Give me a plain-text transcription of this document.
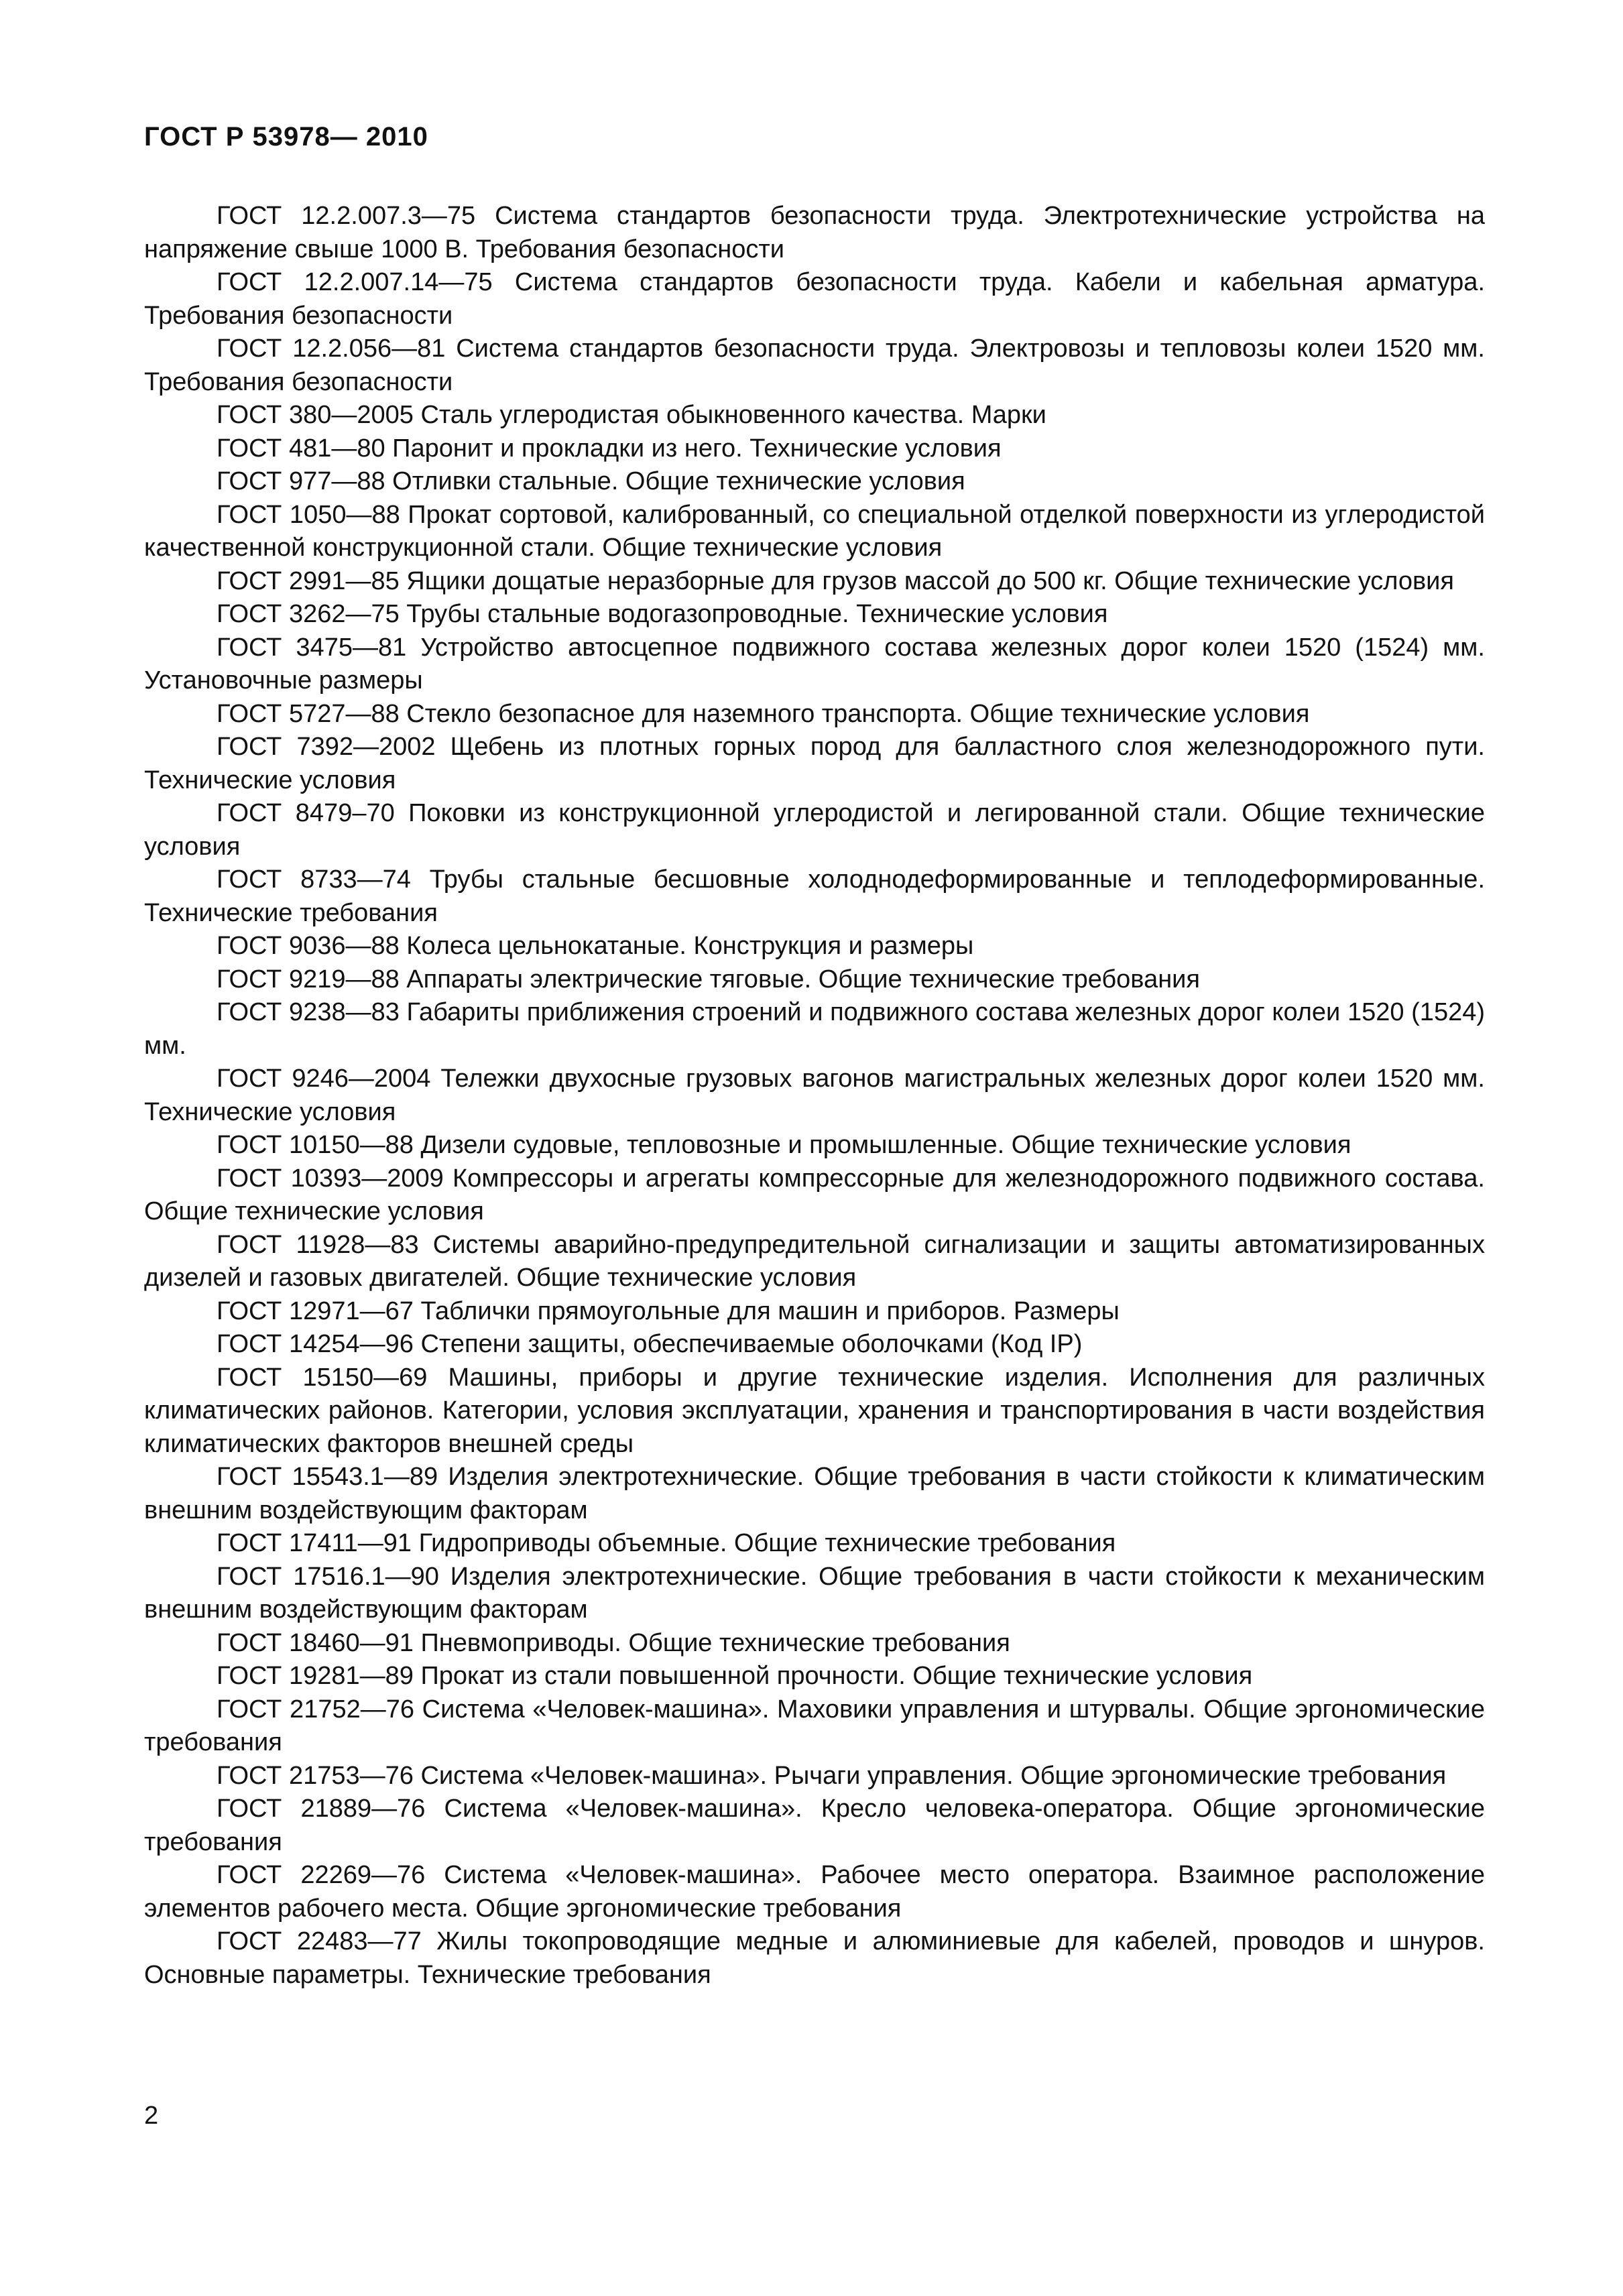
ГОСТ Р 53978— 2010

ГОСТ 12.2.007.3—75 Система стандартов безопасности труда. Электротехнические устройства на напряжение свыше 1000 В. Требования безопасности

ГОСТ 12.2.007.14—75 Система стандартов безопасности труда. Кабели и кабельная арматура. Требования безопасности

ГОСТ 12.2.056—81 Система стандартов безопасности труда. Электровозы и тепловозы колеи 1520 мм. Требования безопасности

ГОСТ 380—2005 Сталь углеродистая обыкновенного качества. Марки

ГОСТ 481—80 Паронит и прокладки из него. Технические условия

ГОСТ 977—88 Отливки стальные. Общие технические условия

ГОСТ 1050—88 Прокат сортовой, калиброванный, со специальной отделкой поверхности из углеродистой качественной конструкционной стали. Общие технические условия

ГОСТ 2991—85 Ящики дощатые неразборные для грузов массой до 500 кг. Общие технические условия

ГОСТ 3262—75 Трубы стальные водогазопроводные. Технические условия

ГОСТ 3475—81 Устройство автосцепное подвижного состава железных дорог колеи 1520 (1524) мм. Установочные размеры

ГОСТ 5727—88 Стекло безопасное для наземного транспорта. Общие технические условия

ГОСТ 7392—2002 Щебень из плотных горных пород для балластного слоя железнодорожного пути. Технические условия

ГОСТ 8479–70 Поковки из конструкционной углеродистой и легированной стали. Общие технические условия

ГОСТ 8733—74 Трубы стальные бесшовные холоднодеформированные и теплодеформированные. Технические требования

ГОСТ 9036—88 Колеса цельнокатаные. Конструкция и размеры

ГОСТ 9219—88 Аппараты электрические тяговые. Общие технические требования

ГОСТ 9238—83 Габариты приближения строений и подвижного состава железных дорог колеи 1520 (1524) мм.

ГОСТ 9246—2004 Тележки двухосные грузовых вагонов магистральных железных дорог колеи 1520 мм. Технические условия

ГОСТ 10150—88 Дизели судовые, тепловозные и промышленные. Общие технические условия

ГОСТ 10393—2009 Компрессоры и агрегаты компрессорные для железнодорожного подвижного состава. Общие технические условия

ГОСТ 11928—83 Системы аварийно-предупредительной сигнализации и защиты автоматизированных дизелей и газовых двигателей. Общие технические условия

ГОСТ 12971—67 Таблички прямоугольные для машин и приборов. Размеры

ГОСТ 14254—96 Степени защиты, обеспечиваемые оболочками (Код IP)

ГОСТ 15150—69 Машины, приборы и другие технические изделия. Исполнения для различных климатических районов. Категории, условия эксплуатации, хранения и транспортирования в части воздействия климатических факторов внешней среды

ГОСТ 15543.1—89 Изделия электротехнические. Общие требования в части стойкости к климатическим внешним воздействующим факторам

ГОСТ 17411—91 Гидроприводы объемные. Общие технические требования

ГОСТ 17516.1—90 Изделия электротехнические. Общие требования в части стойкости к механическим внешним воздействующим факторам

ГОСТ 18460—91 Пневмоприводы. Общие технические требования

ГОСТ 19281—89 Прокат из стали повышенной прочности. Общие технические условия

ГОСТ 21752—76 Система «Человек-машина». Маховики управления и штурвалы. Общие эргономические требования

ГОСТ 21753—76 Система «Человек-машина». Рычаги управления. Общие эргономические требования

ГОСТ 21889—76 Система «Человек-машина». Кресло человека-оператора. Общие эргономические требования

ГОСТ 22269—76 Система «Человек-машина». Рабочее место оператора. Взаимное расположение элементов рабочего места. Общие эргономические требования

ГОСТ 22483—77 Жилы токопроводящие медные и алюминиевые для кабелей, проводов и шнуров. Основные параметры. Технические требования

2
